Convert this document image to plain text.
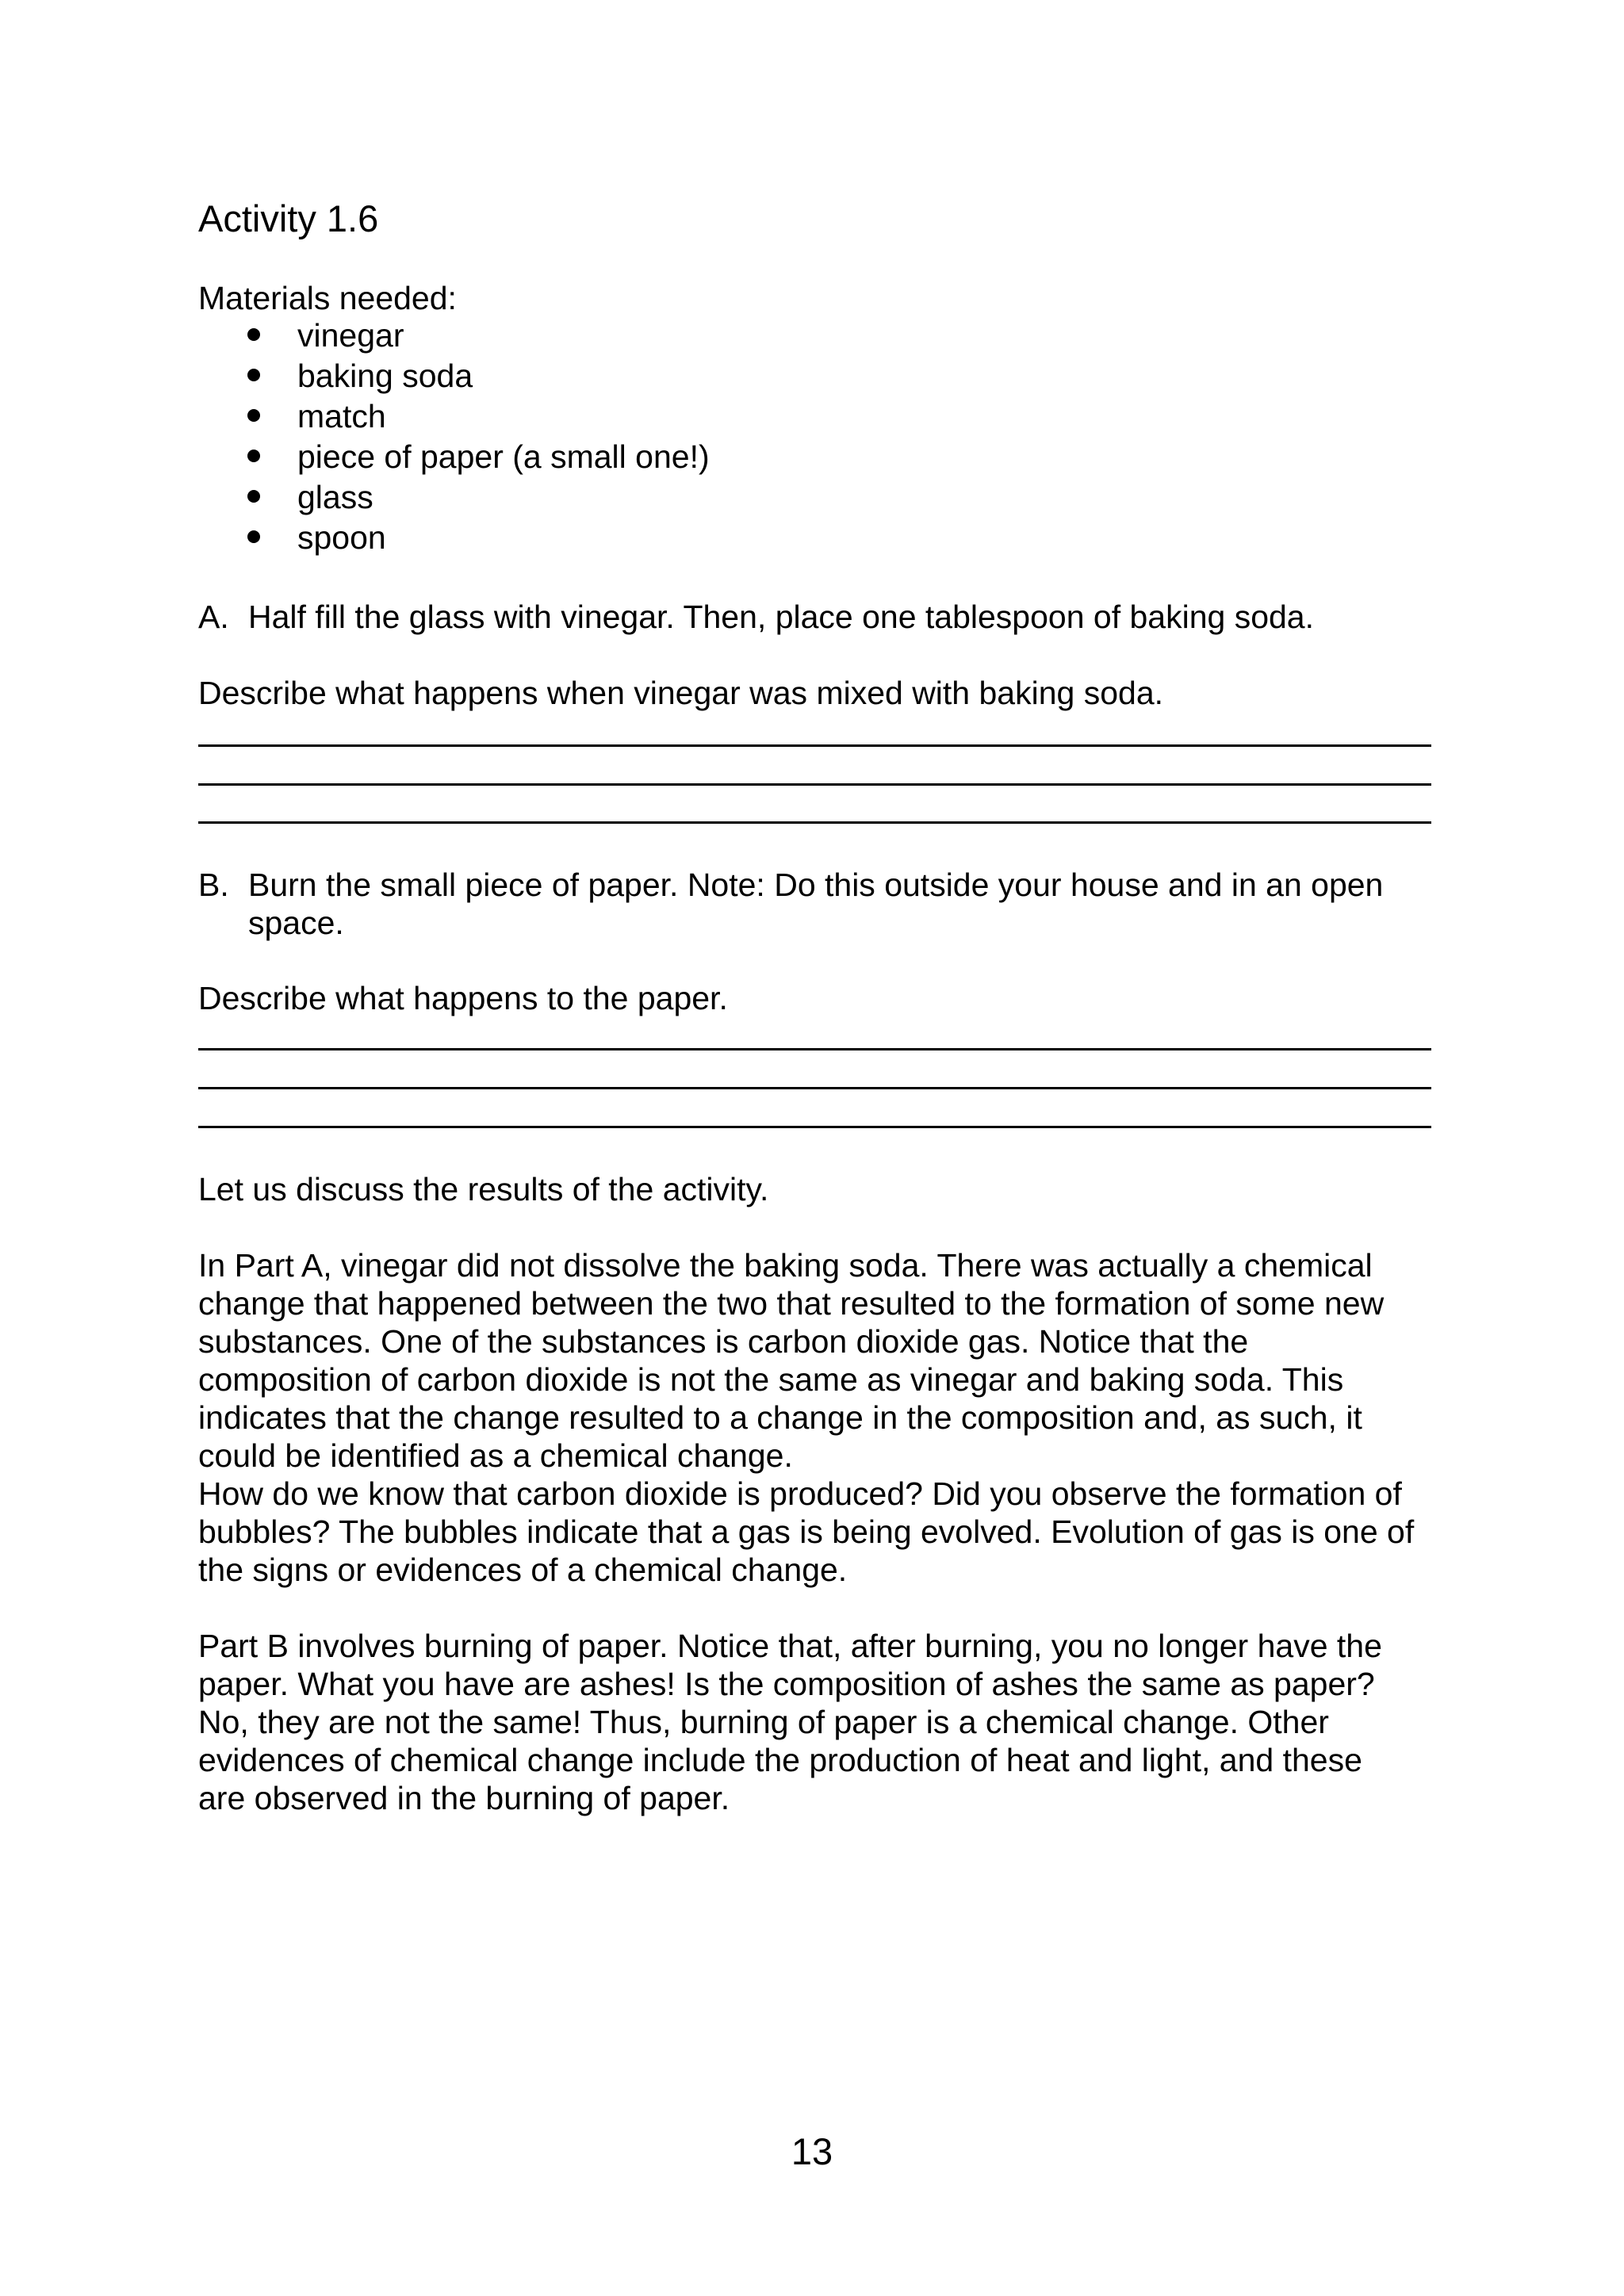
Activity 1.6
Materials needed:
vinegar
baking soda
match
piece of paper (a small one!)
glass
spoon
A. Half fill the glass with vinegar. Then, place one tablespoon of baking soda.
Describe what happens when vinegar was mixed with baking soda.
B. Burn the small piece of paper. Note: Do this outside your house and in an open
space.
Describe what happens to the paper.
Let us discuss the results of the activity.
In Part A, vinegar did not dissolve the baking soda. There was actually a chemical
change that happened between the two that resulted to the formation of some new
substances. One of the substances is carbon dioxide gas. Notice that the
composition of carbon dioxide is not the same as vinegar and baking soda. This
indicates that the change resulted to a change in the composition and, as such, it
could be identified as a chemical change.
How do we know that carbon dioxide is produced? Did you observe the formation of
bubbles? The bubbles indicate that a gas is being evolved. Evolution of gas is one of
the signs or evidences of a chemical change.
Part B involves burning of paper. Notice that, after burning, you no longer have the
paper. What you have are ashes! Is the composition of ashes the same as paper?
No, they are not the same! Thus, burning of paper is a chemical change. Other
evidences of chemical change include the production of heat and light, and these
are observed in the burning of paper.
13
